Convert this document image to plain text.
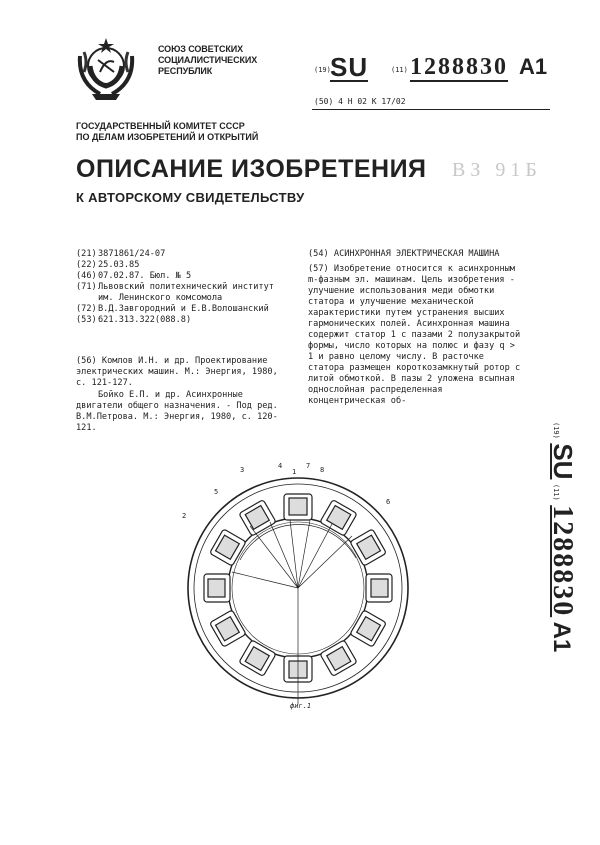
СОЮЗ СОВЕТСКИХ
СОЦИАЛИСТИЧЕСКИХ
РЕСПУБЛИК	(19) SU	(11) 1288830 A1
(50) 4 Н 02 К 17/02
ГОСУДАРСТВЕННЫЙ КОМИТЕТ СССР
ПО ДЕЛАМ ИЗОБРЕТЕНИЙ И ОТКРЫТИЙ
ОПИСАНИЕ ИЗОБРЕТЕНИЯ
К АВТОРСКОМУ СВИДЕТЕЛЬСТВУ
ВЗ 91Б
(21) 3871861/24-07
(22) 25.03.85
(46) 07.02.87. Бюл. № 5
(71) Львовский политехнический институт им. Ленинского комсомола
(72) В.Д.Завгородний и Е.В.Волошанский
(53) 621.313.322(088.8)

(56) Комлов И.Н. и др. Проектирование электрических машин. М.: Энергия, 1980, с. 121-127.

Бойко Е.П. и др. Асинхронные двигатели общего назначения. - Под ред. В.М.Петрова. М.: Энергия, 1980, с. 120-121.

(54) АСИНХРОННАЯ ЭЛЕКТРИЧЕСКАЯ МАШИНА

(57) Изобретение относится к асинхронным m-фазным эл. машинам. Цель изобретения - улучшение использования меди обмотки статора и улучшение механической характеристики путем устранения высших гармонических полей. Асинхронная машина содержит статор 1 с пазами 2 полузакрытой формы, число которых на полюс и фазу q > 1 и равно целому числу. В расточке статора размещен короткозамкнутый ротор с литой обмоткой. В пазы 2 уложена всыпная однослойная распределенная концентрическая об-

(19) SU (11) 1288830 A1
1
2
3	4
5
6
7 8
фиг.1
